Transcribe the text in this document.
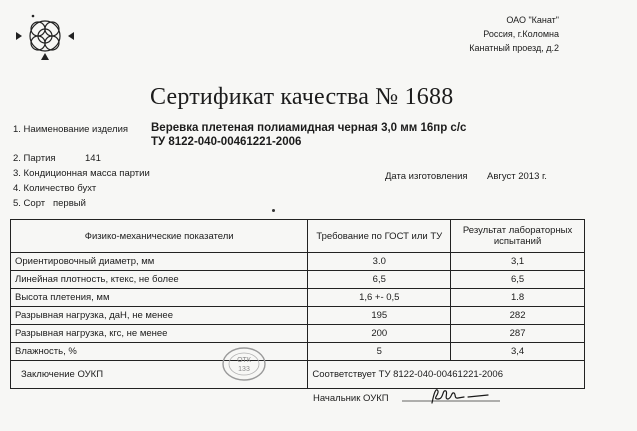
ОАО "Канат"
Россия, г.Коломна
Канатный проезд, д.2
Сертификат качества № 1688
1. Наименование изделия Веревка плетеная полиамидная черная 3,0 мм 16пр с/с
ТУ 8122-040-00461221-2006
2. Партия	141
3. Кондиционная масса партии	Дата изготовления Август 2013 г.
4. Количество бухт
5. Сорт первый
Физико-механические показатели	Требование по ГОСТ или ТУ	Результат лабораторных испытаний
Ориентировочный диаметр, мм	3.0	3,1
Линейная плотность, ктекс, не более	6,5	6,5
Высота плетения, мм	1,6 +- 0,5	1.8
Разрывная нагрузка, даН, не менее	195	282
Разрывная нагрузка, кгс, не менее	200	287
Влажность, %	5	3,4
Заключение ОУКП	Соответствует ТУ 8122-040-00461221-2006	
ОТК
133
Начальник ОУКП
